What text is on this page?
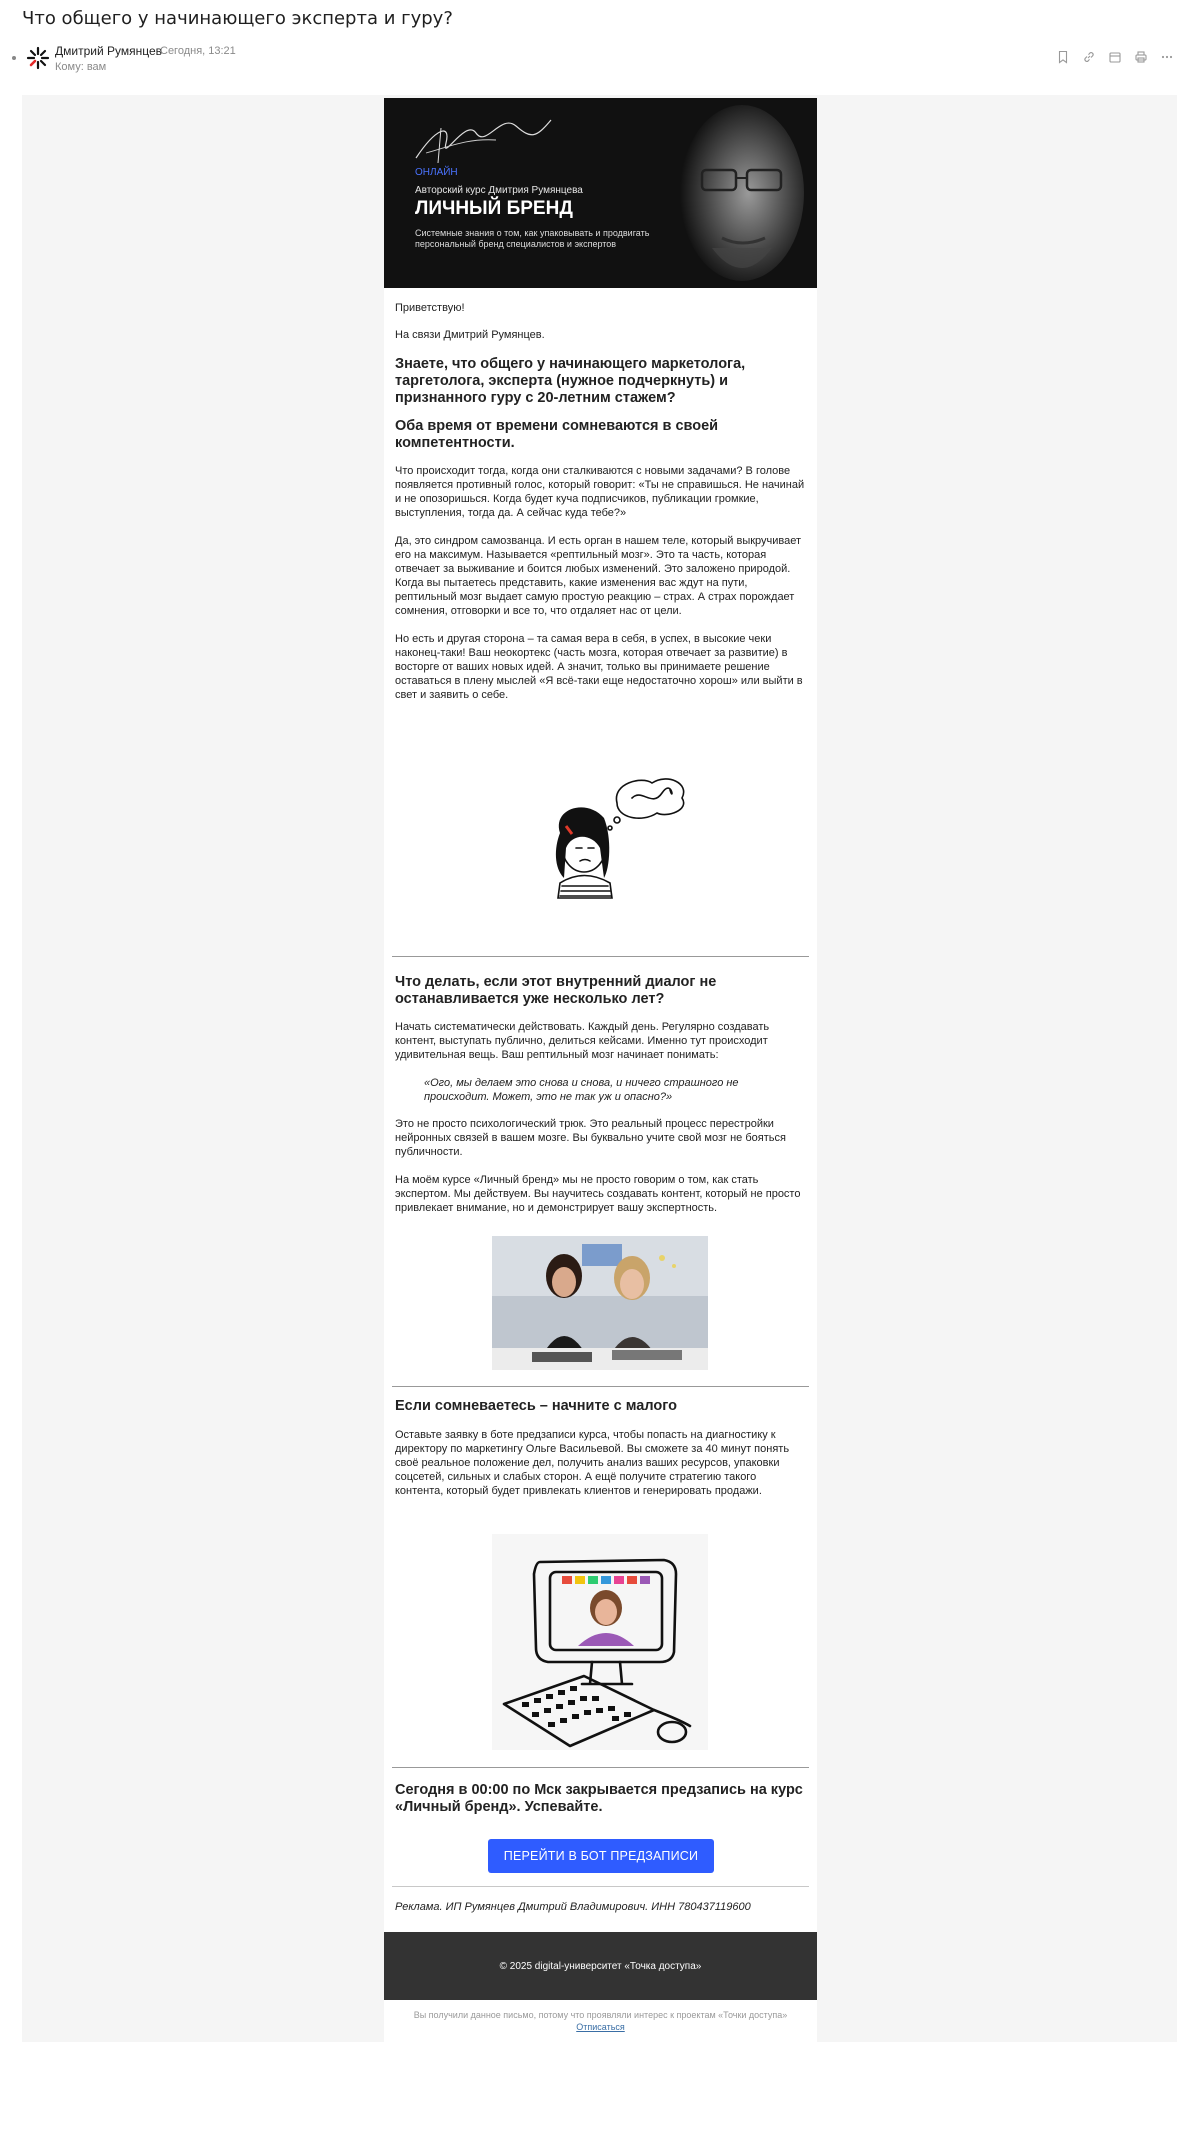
Что общего у начинающего эксперта и гуру?
Дмитрий Румянцев
Сегодня, 13:21
Кому: вам
ОНЛАЙН
Авторский курс Дмитрия Румянцева
ЛИЧНЫЙ БРЕНД
Системные знания о том, как упаковывать и продвигать персональный бренд специалистов и экспертов

Приветствую!

На связи Дмитрий Румянцев.

Знаете, что общего у начинающего маркетолога, таргетолога, эксперта (нужное подчеркнуть) и признанного гуру с 20-летним стажем?

Оба время от времени сомневаются в своей компетентности.

Что происходит тогда, когда они сталкиваются с новыми задачами? В голове появляется противный голос, который говорит: «Ты не справишься. Не начинай и не опозоришься. Когда будет куча подписчиков, публикации громкие, выступления, тогда да. А сейчас куда тебе?»

Да, это синдром самозванца. И есть орган в нашем теле, который выкручивает его на максимум. Называется «рептильный мозг». Это та часть, которая отвечает за выживание и боится любых изменений. Это заложено природой. Когда вы пытаетесь представить, какие изменения вас ждут на пути, рептильный мозг выдает самую простую реакцию – страх. А страх порождает сомнения, отговорки и все то, что отдаляет нас от цели.

Но есть и другая сторона – та самая вера в себя, в успех, в высокие чеки наконец-таки! Ваш неокортекс (часть мозга, которая отвечает за развитие) в восторге от ваших новых идей. А значит, только вы принимаете решение оставаться в плену мыслей «Я всё-таки еще недостаточно хорош» или выйти в свет и заявить о себе.

Что делать, если этот внутренний диалог не останавливается уже несколько лет?

Начать систематически действовать. Каждый день. Регулярно создавать контент, выступать публично, делиться кейсами. Именно тут происходит удивительная вещь. Ваш рептильный мозг начинает понимать:

«Ого, мы делаем это снова и снова, и ничего страшного не происходит. Может, это не так уж и опасно?»

Это не просто психологический трюк. Это реальный процесс перестройки нейронных связей в вашем мозге. Вы буквально учите свой мозг не бояться публичности.

На моём курсе «Личный бренд» мы не просто говорим о том, как стать экспертом. Мы действуем. Вы научитесь создавать контент, который не просто привлекает внимание, но и демонстрирует вашу экспертность.

Если сомневаетесь – начните с малого

Оставьте заявку в боте предзаписи курса, чтобы попасть на диагностику к директору по маркетингу Ольге Васильевой. Вы сможете за 40 минут понять своё реальное положение дел, получить анализ ваших ресурсов, упаковки соцсетей, сильных и слабых сторон. А ещё получите стратегию такого контента, который будет привлекать клиентов и генерировать продажи.

Сегодня в 00:00 по Мск закрывается предзапись на курс «Личный бренд». Успевайте.

Реклама. ИП Румянцев Дмитрий Владимирович. ИНН 780437119600

ПЕРЕЙТИ В БОТ ПРЕДЗАПИСИ
© 2025 digital-университет «Точка доступа»
Вы получили данное письмо, потому что проявляли интерес к проектам «Точки доступа»
Отписаться
